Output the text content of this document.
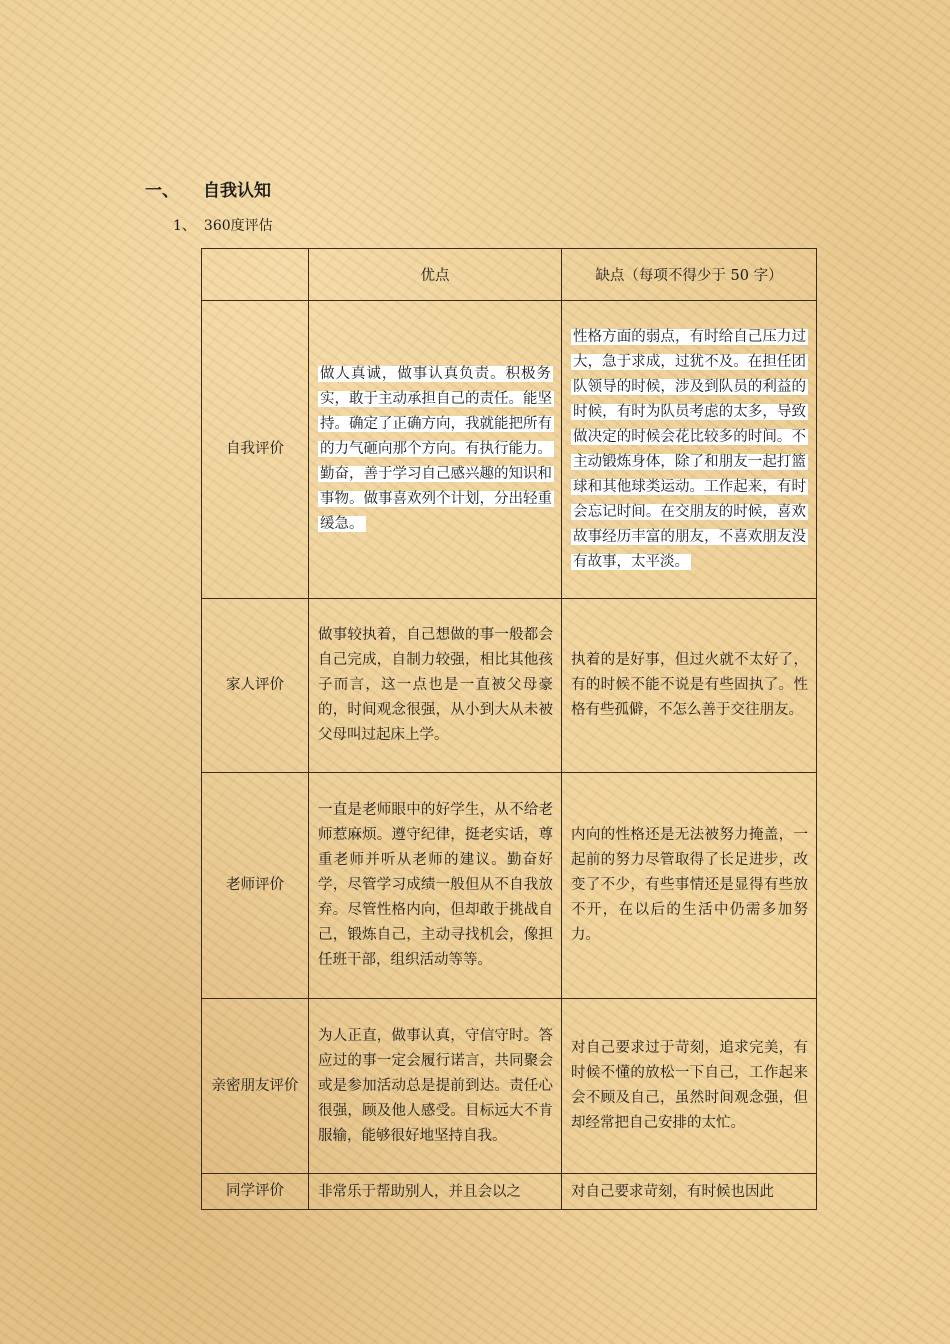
一、	自我认知
1、 360度评估
	优点	缺点（每项不得少于 50 字）
自我评价	做人真诚，做事认真负责。积极务实，敢于主动承担自己的责任。能坚持。确定了正确方向，我就能把所有的力气砸向那个方向。有执行能力。勤奋，善于学习自己感兴趣的知识和事物。做事喜欢列个计划，分出轻重缓急。	性格方面的弱点，有时给自己压力过大，急于求成，过犹不及。在担任团队领导的时候，涉及到队员的利益的时候，有时为队员考虑的太多，导致做决定的时候会花比较多的时间。不主动锻炼身体，除了和朋友一起打篮球和其他球类运动。工作起来，有时会忘记时间。在交朋友的时候，喜欢故事经历丰富的朋友，不喜欢朋友没有故事，太平淡。
家人评价	做事较执着，自己想做的事一般都会自己完成，自制力较强，相比其他孩子而言，这一点也是一直被父母豪的，时间观念很强，从小到大从未被父母叫过起床上学。	执着的是好事，但过火就不太好了，有的时候不能不说是有些固执了。性格有些孤僻，不怎么善于交往朋友。
老师评价	一直是老师眼中的好学生，从不给老师惹麻烦。遵守纪律，挺老实话，尊重老师并听从老师的建议。勤奋好学，尽管学习成绩一般但从不自我放弃。尽管性格内向，但却敢于挑战自己，锻炼自己，主动寻找机会，像担任班干部，组织活动等等。	内向的性格还是无法被努力掩盖，一起前的努力尽管取得了长足进步，改变了不少，有些事情还是显得有些放不开，在以后的生活中仍需多加努力。
亲密朋友评价	为人正直，做事认真，守信守时。答应过的事一定会履行诺言，共同聚会或是参加活动总是提前到达。责任心很强，顾及他人感受。目标远大不肯服输，能够很好地坚持自我。	对自己要求过于苛刻，追求完美，有时候不懂的放松一下自己，工作起来会不顾及自己，虽然时间观念强，但却经常把自己安排的太忙。
同学评价	非常乐于帮助别人，并且会以之	对自己要求苛刻，有时候也因此
